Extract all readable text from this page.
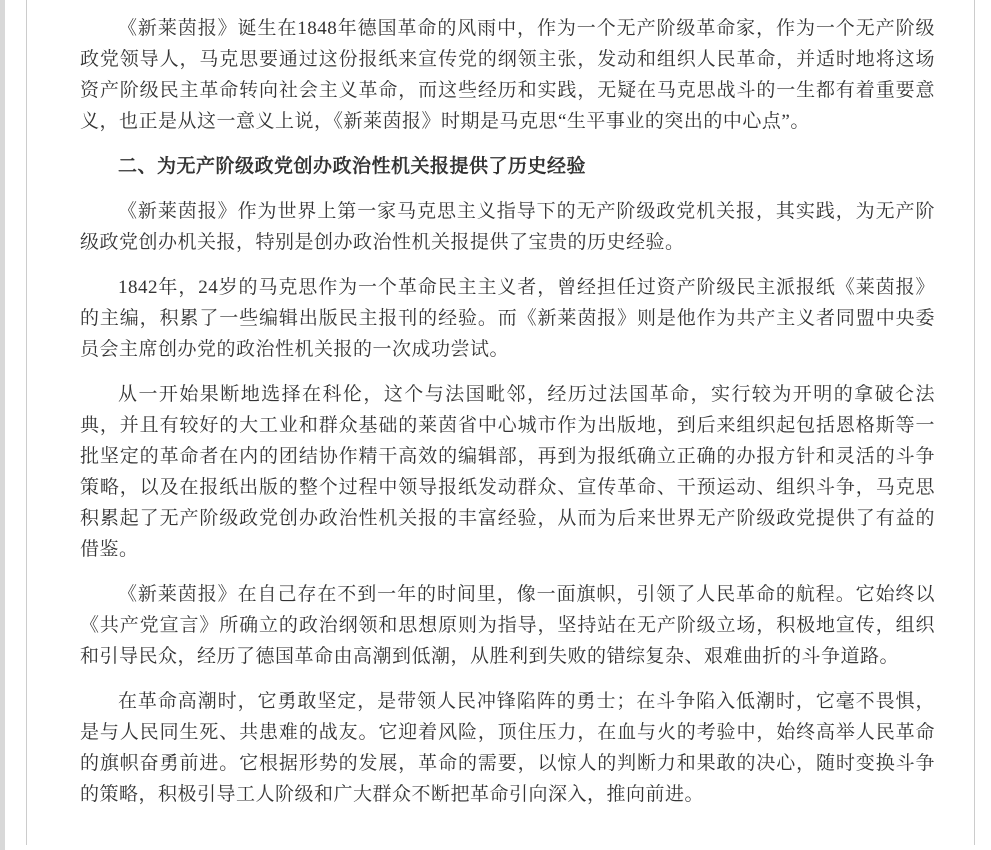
《新莱茵报》诞生在1848年德国革命的风雨中，作为一个无产阶级革命家，作为一个无产阶级政党领导人，马克思要通过这份报纸来宣传党的纲领主张，发动和组织人民革命，并适时地将这场资产阶级民主革命转向社会主义革命，而这些经历和实践，无疑在马克思战斗的一生都有着重要意义，也正是从这一意义上说，《新莱茵报》时期是马克思“生平事业的突出的中心点”。

二、为无产阶级政党创办政治性机关报提供了历史经验

《新莱茵报》作为世界上第一家马克思主义指导下的无产阶级政党机关报，其实践，为无产阶级政党创办机关报，特别是创办政治性机关报提供了宝贵的历史经验。

1842年，24岁的马克思作为一个革命民主主义者，曾经担任过资产阶级民主派报纸《莱茵报》的主编，积累了一些编辑出版民主报刊的经验。而《新莱茵报》则是他作为共产主义者同盟中央委员会主席创办党的政治性机关报的一次成功尝试。

从一开始果断地选择在科伦，这个与法国毗邻，经历过法国革命，实行较为开明的拿破仑法典，并且有较好的大工业和群众基础的莱茵省中心城市作为出版地，到后来组织起包括恩格斯等一批坚定的革命者在内的团结协作精干高效的编辑部，再到为报纸确立正确的办报方针和灵活的斗争策略，以及在报纸出版的整个过程中领导报纸发动群众、宣传革命、干预运动、组织斗争，马克思积累起了无产阶级政党创办政治性机关报的丰富经验，从而为后来世界无产阶级政党提供了有益的借鉴。

《新莱茵报》在自己存在不到一年的时间里，像一面旗帜，引领了人民革命的航程。它始终以《共产党宣言》所确立的政治纲领和思想原则为指导，坚持站在无产阶级立场，积极地宣传，组织和引导民众，经历了德国革命由高潮到低潮，从胜利到失败的错综复杂、艰难曲折的斗争道路。

在革命高潮时，它勇敢坚定，是带领人民冲锋陷阵的勇士；在斗争陷入低潮时，它毫不畏惧，是与人民同生死、共患难的战友。它迎着风险，顶住压力，在血与火的考验中，始终高举人民革命的旗帜奋勇前进。它根据形势的发展，革命的需要，以惊人的判断力和果敢的决心，随时变换斗争的策略，积极引导工人阶级和广大群众不断把革命引向深入，推向前进。
